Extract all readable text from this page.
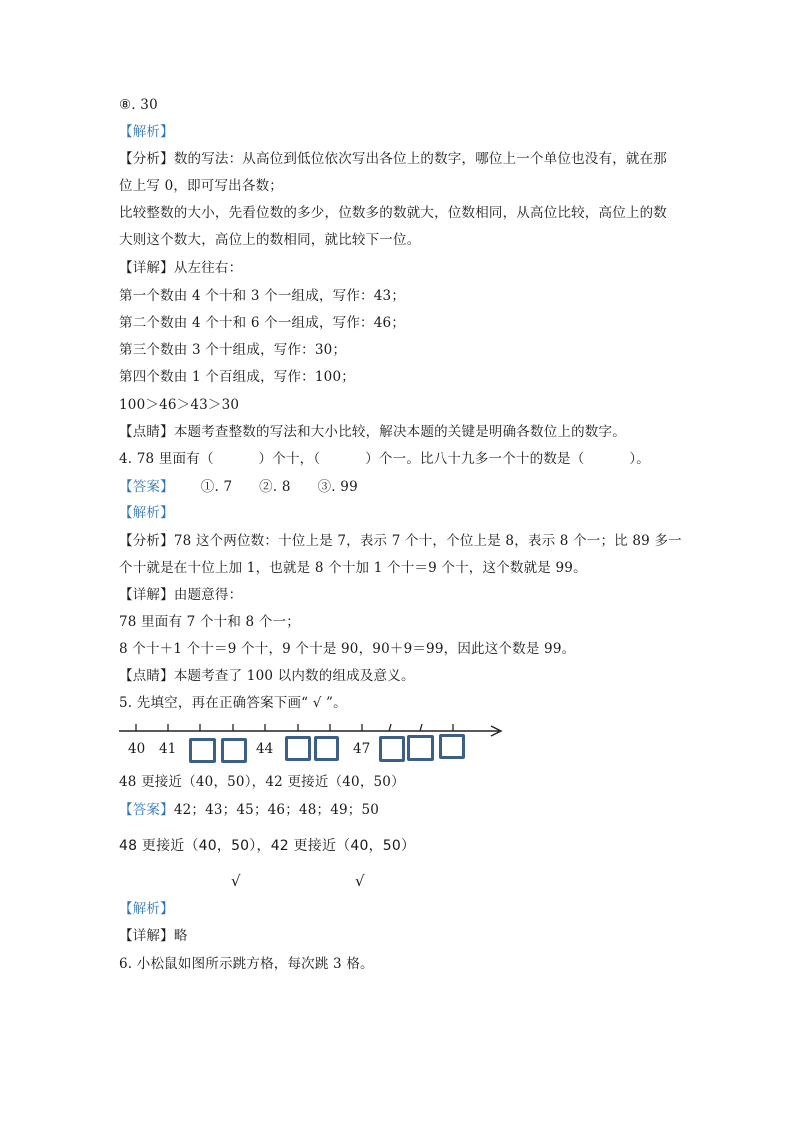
⑧. 30
【解析】
【分析】数的写法：从高位到低位依次写出各位上的数字，哪位上一个单位也没有，就在那
位上写 0，即可写出各数；
比较整数的大小，先看位数的多少，位数多的数就大，位数相同，从高位比较，高位上的数
大则这个数大，高位上的数相同，就比较下一位。
【详解】从左往右：
第一个数由 4 个十和 3 个一组成，写作：43；
第二个数由 4 个十和 6 个一组成，写作：46；
第三个数由 3 个十组成，写作：30；
第四个数由 1 个百组成，写作：100；
100＞46＞43＞30
【点睛】本题考查整数的写法和大小比较，解决本题的关键是明确各数位上的数字。
4. 78 里面有（          ）个十，（          ）个一。比八十九多一个十的数是（          ）。
【答案】      ①. 7      ②. 8      ③. 99
【解析】
【分析】78 这个两位数：十位上是 7，表示 7 个十，个位上是 8，表示 8 个一；比 89 多一
个十就是在十位上加 1，也就是 8 个十加 1 个十＝9 个十，这个数就是 99。
【详解】由题意得：
78 里面有 7 个十和 8 个一；
8 个十＋1 个十＝9 个十，9 个十是 90，90＋9＝99，因此这个数是 99。
【点睛】本题考查了 100 以内数的组成及意义。
5. 先填空，再在正确答案下画“ √ ”。
40 41	44	47
48 更接近（40，50），42 更接近（40，50）
【答案】42；43；45；46；48；49；50
48 更接近（40，50），42 更接近（40，50）
√	√
【解析】
【详解】略
6. 小松鼠如图所示跳方格，每次跳 3 格。
